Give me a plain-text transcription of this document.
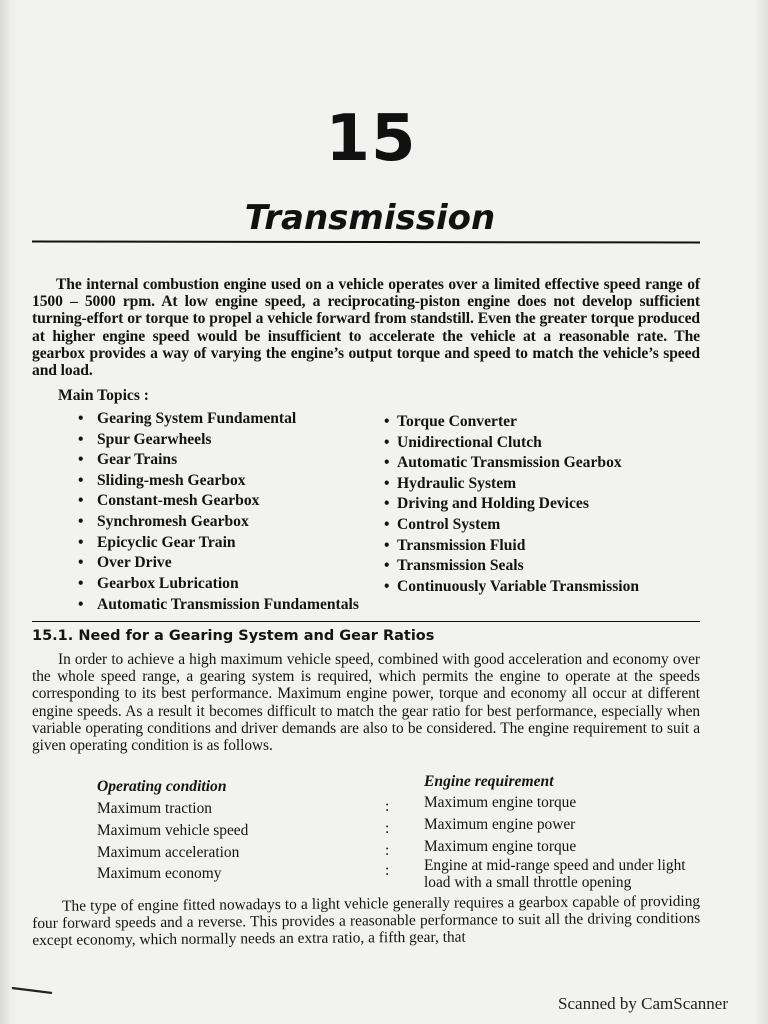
15
Transmission

The internal combustion engine used on a vehicle operates over a limited effective speed range of 1500 – 5000 rpm. At low engine speed, a reciprocating-piston engine does not develop sufficient turning-effort or torque to propel a vehicle forward from standstill. Even the greater torque produced at higher engine speed would be insufficient to accelerate the vehicle at a reasonable rate. The gearbox provides a way of varying the engine’s output torque and speed to match the vehicle’s speed and load.

Main Topics :
• Gearing System Fundamental
• Spur Gearwheels
• Gear Trains
• Sliding-mesh Gearbox
• Constant-mesh Gearbox
• Synchromesh Gearbox
• Epicyclic Gear Train
• Over Drive
• Gearbox Lubrication
• Torque Converter
• Unidirectional Clutch
• Automatic Transmission Gearbox
• Hydraulic System
• Driving and Holding Devices
• Control System
• Transmission Fluid
• Transmission Seals
• Continuously Variable Transmission
• Automatic Transmission Fundamentals
15.1. Need for a Gearing System and Gear Ratios

In order to achieve a high maximum vehicle speed, combined with good acceleration and economy over the whole speed range, a gearing system is required, which permits the engine to operate at the speeds corresponding to its best performance. Maximum engine power, torque and economy all occur at different engine speeds. As a result it becomes difficult to match the gear ratio for best performance, especially when variable operating conditions and driver demands are also to be considered. The engine requirement to suit a given operating condition is as follows.

Operating condition	Engine requirement
Maximum traction	: Maximum engine torque
Maximum vehicle speed	: Maximum engine power
Maximum acceleration	: Maximum engine torque
Maximum economy	: Engine at mid-range speed and under light load with a small throttle opening

The type of engine fitted nowadays to a light vehicle generally requires a gearbox capable of providing four forward speeds and a reverse. This provides a reasonable performance to suit all the driving conditions except economy, which normally needs an extra ratio, a fifth gear, that

Scanned by CamScanner
